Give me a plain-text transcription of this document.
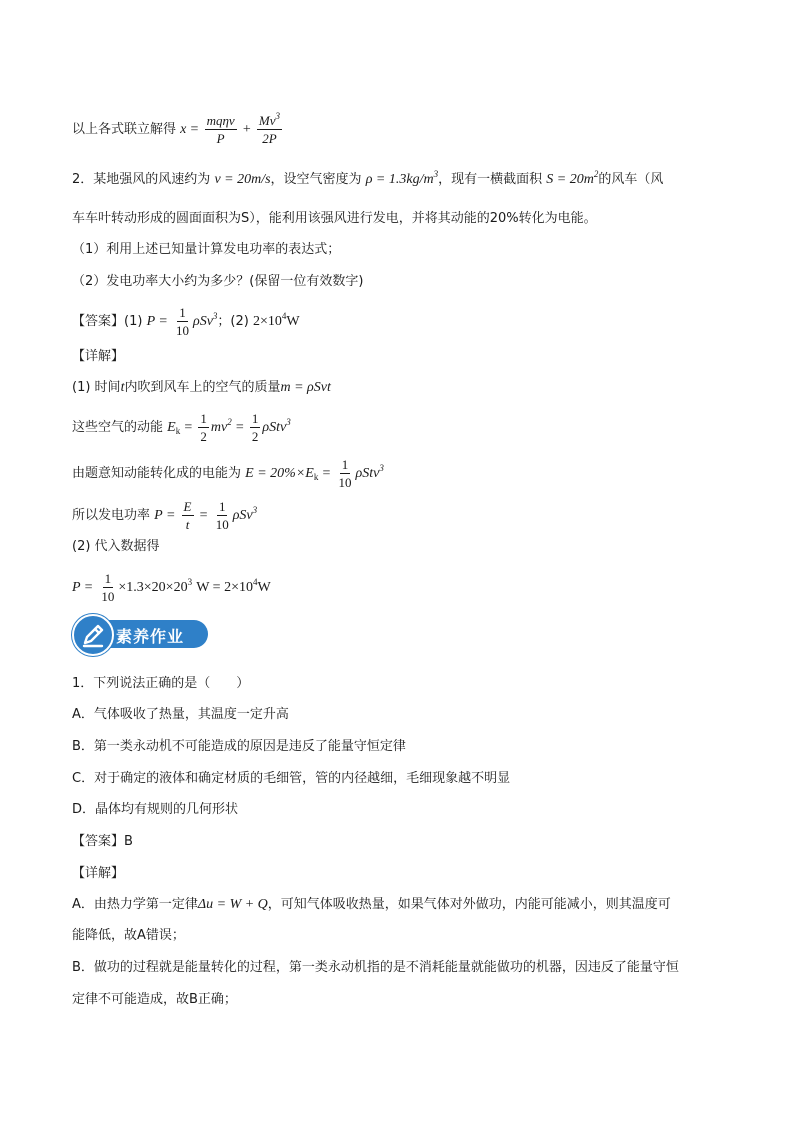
以上各式联立解得 $x = \frac{\text{mqηv}}{P} + \frac{Mv^3}{2P}$
2．某地强风的风速约为 v = 20m/s，设空气密度为 $\rho = 1.3kg/m^3$，现有一横截面积 $S = 20m^2$的风车（风
车车叶转动形成的圆面面积为S），能利用该强风进行发电，并将其动能的20%转化为电能。
（1）利用上述已知量计算发电功率的表达式；
（2）发电功率大小约为多少？(保留一位有效数字)
【答案】(1) $P = \frac{1}{10} \rho Sv^3$；(2) $2\times 10^4W$
【详解】
(1) 时间t内吹到风车上的空气的质量m = ρSvt
这些空气的动能 $E_k = \frac{1}{2} mv^2 = \frac{1}{2} \rho Stv^3$
由题意知动能转化成的电能为 $E = 20\%\times E_k = \frac{1}{10} \rho Stv^3$
所以发电功率 $P = \frac{E}{t} = \frac{1}{10} \rho Sv^3$
(2) 代入数据得
$P = \frac{1}{10} \times 1.3\times 20\times 20^3$ $W = 2\times 10^4W$
素养作业
1．下列说法正确的是（　　）
A．气体吸收了热量，其温度一定升高
B．第一类永动机不可能造成的原因是违反了能量守恒定律
C．对于确定的液体和确定材质的毛细管，管的内径越细，毛细现象越不明显
D．晶体均有规则的几何形状
【答案】B
【详解】
A．由热力学第一定律Δu = W + Q，可知气体吸收热量，如果气体对外做功，内能可能减小，则其温度可
能降低，故A错误；
B．做功的过程就是能量转化的过程，第一类永动机指的是不消耗能量就能做功的机器，因违反了能量守恒
定律不可能造成，故B正确；
